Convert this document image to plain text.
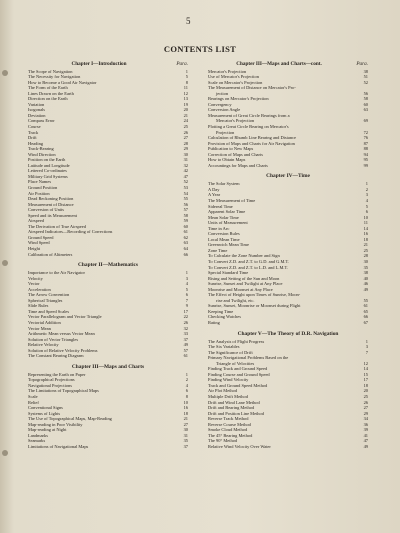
5
CONTENTS LIST
Chapter I—Introduction	Para.
The Scope of Navigation	1
The Necessity for Navigation	5
How to Become a Good Air Navigator	8
The Form of the Earth	11
Lines Drawn on the Earth	12
Direction on the Earth	13
Variation	19
Isogonals	20
Deviation	21
Compass Error	24
Course	25
Track	26
Drift	27
Heading	28
Track-Bearing	29
Wind Direction	30
Position on the Earth	31
Latitude and Longitude	32
Lettered Co-ordinates	42
Military Grid Systems	47
Place Names	52
Ground Position	53
Air Position	54
Dead Reckoning Position	55
Measurement of Distance	56
Conversion of Units	57
Speed and its Measurement	58
Airspeed	59
The Derivation of True Airspeed	60
Airspeed Indicators—Recording of Corrections	61
Ground Speed	62
Wind Speed	63
Height	64
Calibration of Altimeters	66
Chapter II—Mathematics
Importance to the Air Navigator	1
Velocity	3
Vector	4
Acceleration	5
The Arrow Convention	6
Spherical Triangles	7
Slide Rules	9
Time and Speed Scales	17
Vector Parallelogram and Vector Triangle	22
Vectorial Addition	26
Vector Mean	32
Arithmetic Mean versus Vector Mean	33
Solution of Vector Triangles	37
Relative Velocity	49
Solution of Relative Velocity Problems	57
The Constant Bearing Diagram	61
Chapter III—Maps and Charts
Representing the Earth on Paper	1
Topographical Projections	2
Navigational Projections	4
The Limitations of Topographical Maps	6
Scale	8
Relief	10
Conventional Signs	16
Systems of Lights	18
The Use of Topographical Maps, Map-Reading	21
Map-reading in Poor Visibility	27
Map-reading at Night	30
Landmarks	31
Seamarks	35
Limitations of Navigational Maps	37
Chapter III—Maps and Charts—cont.	Para.
Mercator's Projection	38
Use of Mercator's Projection	51
Scale on Mercator's Projection	52
The Measurement of Distance on Mercator's Pro-
jection	56
Bearings on Mercator's Projection	58
Convergency	60
Conversion Angle	63
Measurement of Great Circle Bearings from a
Mercator's Projection	69
Plotting a Great Circle Bearing on Mercator's
Projection	72
Calculation of Rhumb Line Bearing and Distance	76
Provision of Maps and Charts for Air Navigation	87
Publication to New Maps	88
Correction of Maps and Charts	94
How to Obtain Maps	95
Accountings for Maps and Charts	99
Chapter IV—Time
The Solar System	1
A Day	2
A Year	3
The Measurement of Time	4
Sidereal Time	5
Apparent Solar Time	6
Mean Solar Time	10
Units of Measurement	11
Time in Arc	14
Conversion Rules	16
Local Mean Time	18
Greenwich Mean Time	21
Zone Time	25
To Calculate the Zone Number and Sign	28
To Convert Z.D. and Z.T. to G.D. and G.M.T.	30
To Convert Z.D. and Z.T. to L.D. and L.M.T.	35
Special Standard Time	38
Rising and Setting of the Sun and Moon	40
Sunrise, Sunset and Twilight at Any Place	46
Moonrise and Moonset at Any Place	49
The Effect of Height upon Times of Sunrise, Moon-
rise and Twilight, etc.	55
Sunrise, Sunset, Moonrise or Moonset during Flight	61
Keeping Time	65
Checking Watches	66
Rating	67
Chapter V—The Theory of D.R. Navigation
The Analysis of Flight Progress	1
The Six Variables	3
The Significance of Drift	7
Primary Navigational Problems Based on the
Triangle of Velocities	12
Finding Track and Ground Speed	14
Finding Course and Ground Speed	15
Finding Wind Velocity	17
Track and Ground Speed Method	18
Air Plot Method	20
Multiple Drift Method	25
Drift and Wind Lane Method	26
Drift and Bearing Method	27
Drift and Position Line Method	29
Reverse Track Method	34
Reverse Course Method	36
Smoke Cloud Method	39
The 45° Bearing Method	41
The 90° Method	47
Relative Wind Velocity Over Water	49
